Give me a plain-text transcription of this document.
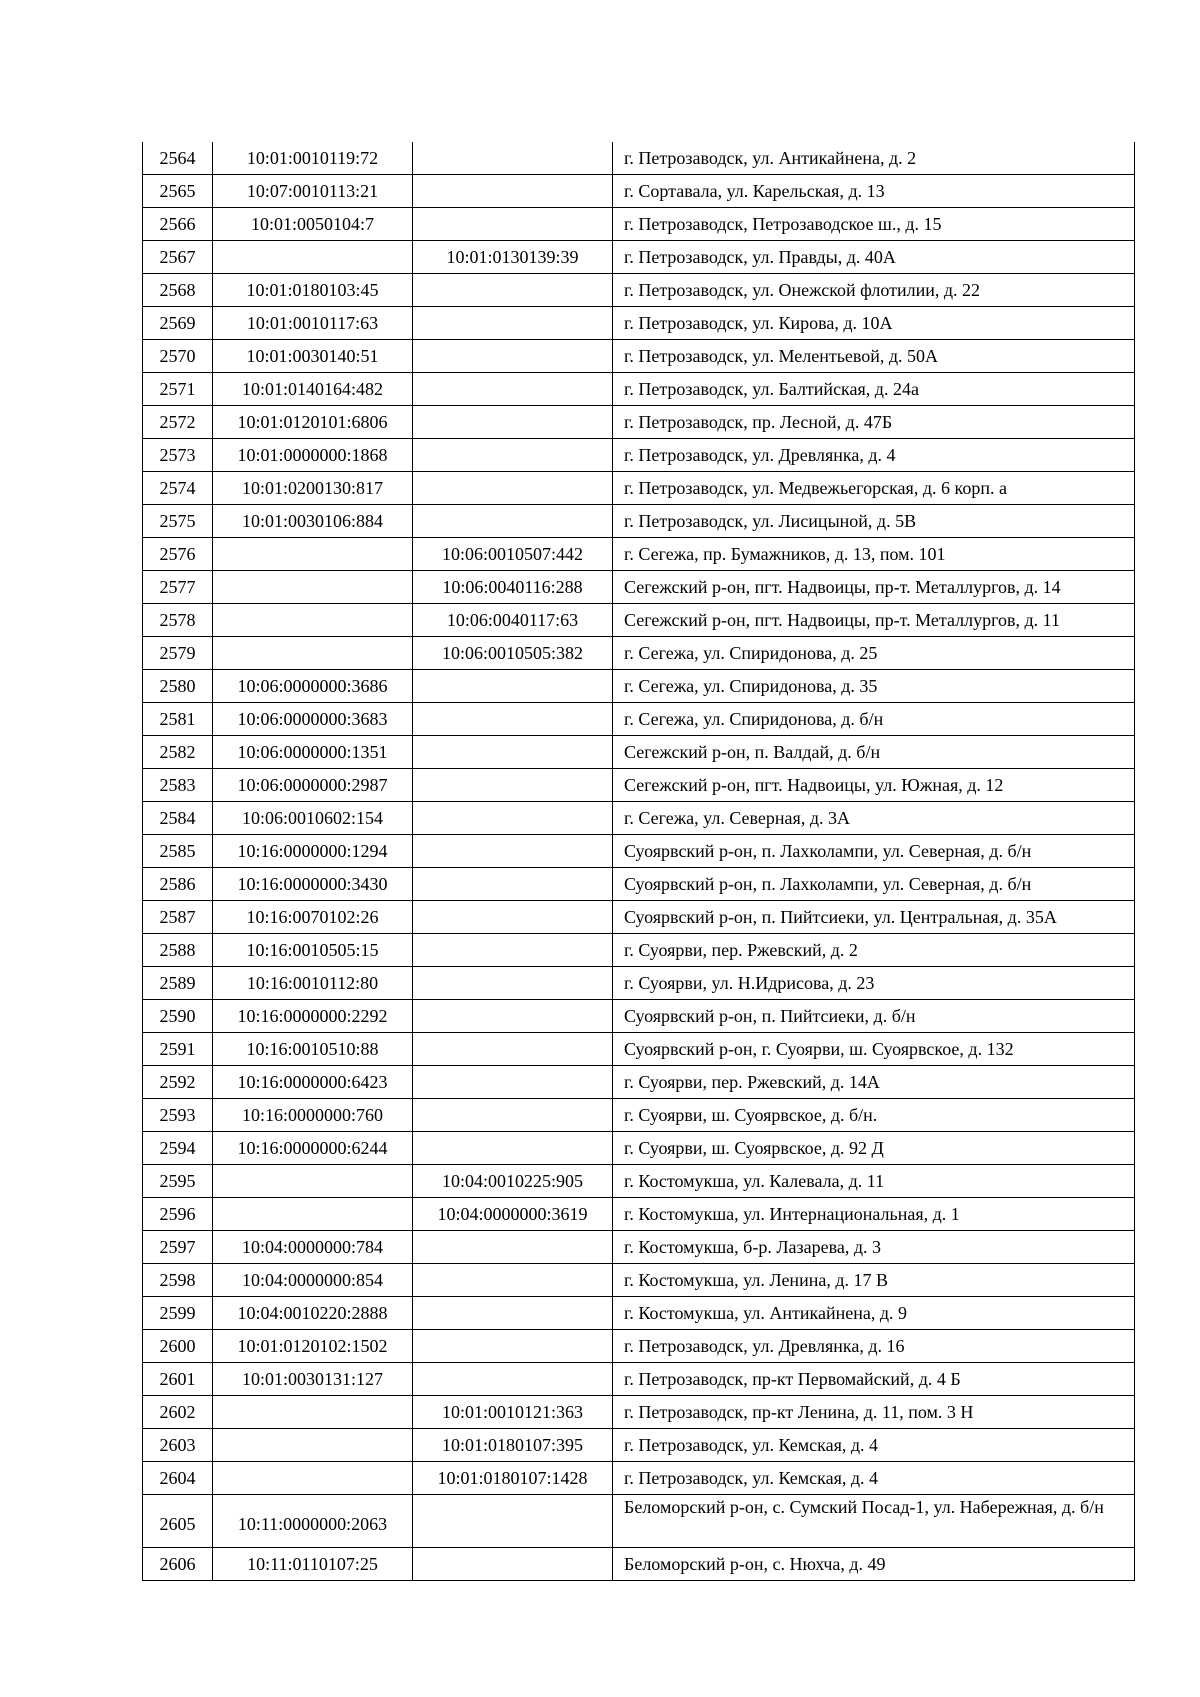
2564	10:01:0010119:72		г. Петрозаводск, ул. Антикайнена, д. 2
2565	10:07:0010113:21		г. Сортавала, ул. Карельская, д. 13
2566	10:01:0050104:7		г. Петрозаводск, Петрозаводское ш., д. 15
2567		10:01:0130139:39	г. Петрозаводск, ул. Правды, д. 40А
2568	10:01:0180103:45		г. Петрозаводск, ул. Онежской флотилии, д. 22
2569	10:01:0010117:63		г. Петрозаводск, ул. Кирова, д. 10А
2570	10:01:0030140:51		г. Петрозаводск, ул. Мелентьевой, д. 50А
2571	10:01:0140164:482		г. Петрозаводск, ул. Балтийская, д. 24а
2572	10:01:0120101:6806		г. Петрозаводск, пр. Лесной, д. 47Б
2573	10:01:0000000:1868		г. Петрозаводск, ул. Древлянка, д. 4
2574	10:01:0200130:817		г. Петрозаводск, ул. Медвежьегорская, д. 6 корп. а
2575	10:01:0030106:884		г. Петрозаводск, ул. Лисицыной, д. 5В
2576		10:06:0010507:442	г. Сегежа, пр. Бумажников, д. 13, пом. 101
2577		10:06:0040116:288	Сегежский р-он, пгт. Надвоицы, пр-т. Металлургов, д. 14
2578		10:06:0040117:63	Сегежский р-он, пгт. Надвоицы, пр-т. Металлургов, д. 11
2579		10:06:0010505:382	г. Сегежа, ул. Спиридонова, д. 25
2580	10:06:0000000:3686		г. Сегежа, ул. Спиридонова, д. 35
2581	10:06:0000000:3683		г. Сегежа, ул. Спиридонова, д. б/н
2582	10:06:0000000:1351		Сегежский р-он, п. Валдай, д. б/н
2583	10:06:0000000:2987		Сегежский р-он, пгт. Надвоицы, ул. Южная, д. 12
2584	10:06:0010602:154		г. Сегежа, ул. Северная, д. 3А
2585	10:16:0000000:1294		Суоярвский р-он, п. Лахколампи, ул. Северная, д. б/н
2586	10:16:0000000:3430		Суоярвский р-он, п. Лахколампи, ул. Северная, д. б/н
2587	10:16:0070102:26		Суоярвский р-он, п. Пийтсиеки, ул. Центральная, д. 35А
2588	10:16:0010505:15		г. Суоярви, пер. Ржевский, д. 2
2589	10:16:0010112:80		г. Суоярви, ул. Н.Идрисова, д. 23
2590	10:16:0000000:2292		Суоярвский р-он, п. Пийтсиеки, д. б/н
2591	10:16:0010510:88		Суоярвский р-он, г. Суоярви, ш. Суоярвское, д. 132
2592	10:16:0000000:6423		г. Суоярви, пер. Ржевский, д. 14А
2593	10:16:0000000:760		г. Суоярви, ш. Суоярвское, д. б/н.
2594	10:16:0000000:6244		г. Суоярви, ш. Суоярвское, д. 92 Д
2595		10:04:0010225:905	г. Костомукша, ул. Калевала, д. 11
2596		10:04:0000000:3619	г. Костомукша, ул. Интернациональная, д. 1
2597	10:04:0000000:784		г. Костомукша, б-р. Лазарева, д. 3
2598	10:04:0000000:854		г. Костомукша, ул. Ленина, д. 17 В
2599	10:04:0010220:2888		г. Костомукша, ул. Антикайнена, д. 9
2600	10:01:0120102:1502		г. Петрозаводск, ул. Древлянка, д. 16
2601	10:01:0030131:127		г. Петрозаводск, пр-кт Первомайский, д. 4 Б
2602		10:01:0010121:363	г. Петрозаводск, пр-кт Ленина, д. 11, пом. 3 Н
2603		10:01:0180107:395	г. Петрозаводск, ул. Кемская, д. 4
2604		10:01:0180107:1428	г. Петрозаводск, ул. Кемская, д. 4
2605	10:11:0000000:2063		Беломорский р-он, с. Сумский Посад-1, ул. Набережная, д. б/н
2606	10:11:0110107:25		Беломорский р-он, с. Нюхча, д. 49
